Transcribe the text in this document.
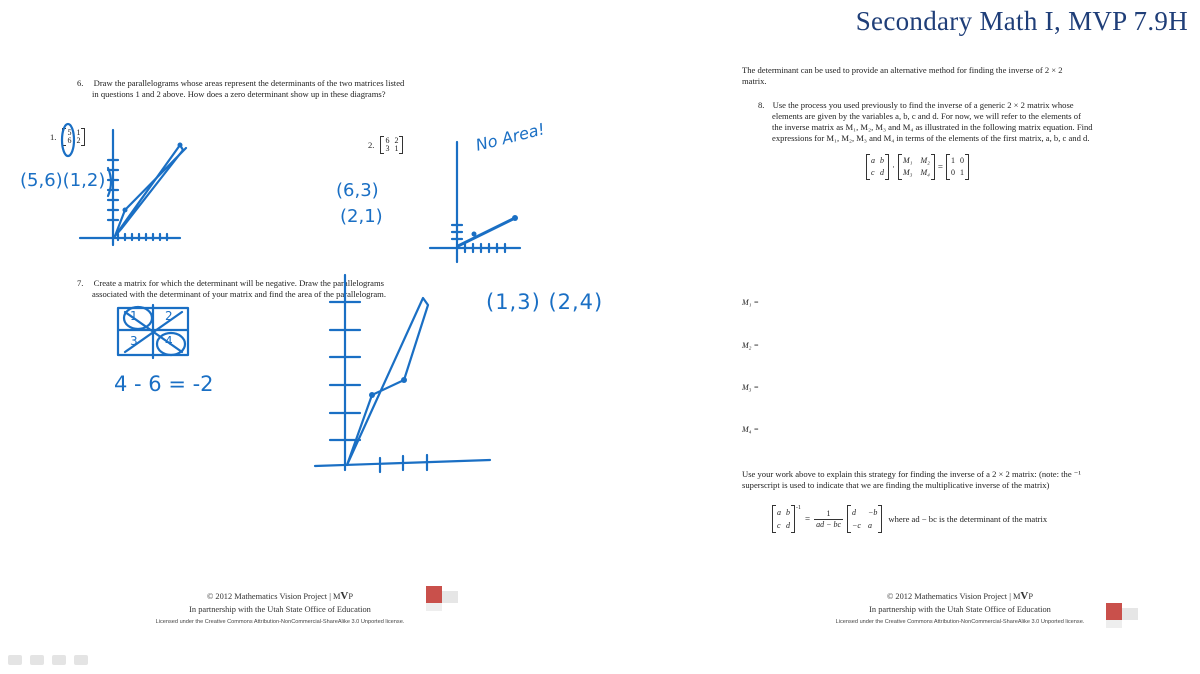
Secondary Math I, MVP 7.9H
6. Draw the parallelograms whose areas represent the determinants of the two matrices listed
in questions 1 and 2 above. How does a zero determinant show up in these diagrams?
1. 5 1
6 2	2. 6 2
3 1
7. Create a matrix for which the determinant will be negative. Draw the parallelograms
associated with the determinant of your matrix and find the area of the parallelogram.
(5,6)(1,2)	(6,3)
(2,1)
No Area!
(1,3) (2,4)
1 2
3 4
4 - 6 = -2
© 2012 Mathematics Vision Project | MVP
In partnership with the Utah State Office of Education
Licensed under the Creative Commons Attribution-NonCommercial-ShareAlike 3.0 Unported license.
The determinant can be used to provide an alternative method for finding the inverse of 2 × 2
matrix.
8. Use the process you used previously to find the inverse of a generic 2 × 2 matrix whose
elements are given by the variables a, b, c and d. For now, we will refer to the elements of
the inverse matrix as M₁, M₂, M₃ and M₄ as illustrated in the following matrix equation. Find
expressions for M₁, M₂, M₃ and M₄ in terms of the elements of the first matrix, a, b, c and d.
a b
c d
·
M₁ M₂
M₃ M₄
=
1 0
0 1
M₁ =
M₂ =
M₃ =
M₄ =
Use your work above to explain this strategy for finding the inverse of a 2 × 2 matrix: (note: the ⁻¹
superscript is used to indicate that we are finding the multiplicative inverse of the matrix)
a b
c d
$^{-1}$
= $\frac{1}{ad - bc}$ d	−b
−c a
where ad − bc is the determinant of the matrix
© 2012 Mathematics Vision Project | MVP
In partnership with the Utah State Office of Education
Licensed under the Creative Commons Attribution-NonCommercial-ShareAlike 3.0 Unported license.
